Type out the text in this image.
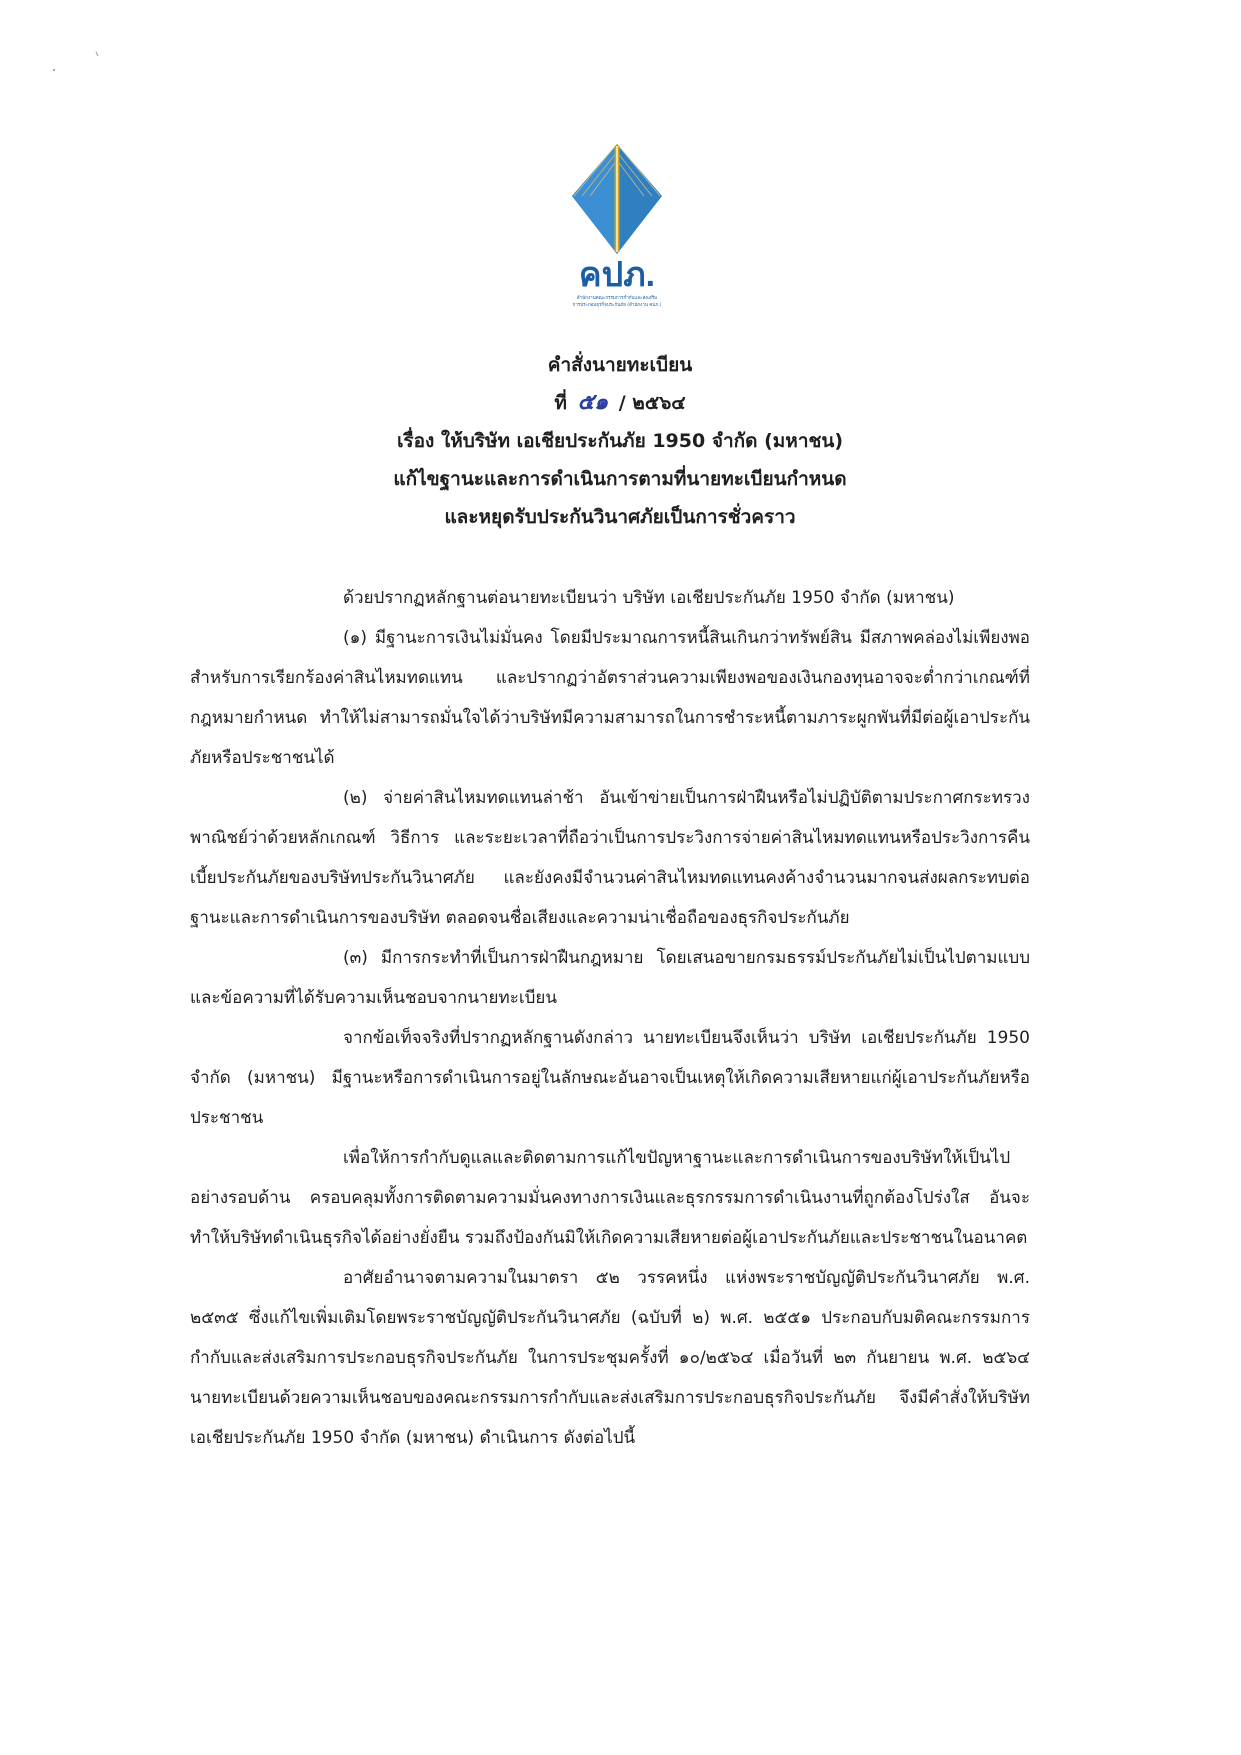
คปภ.
สำนักงานคณะกรรมการกำกับและส่งเสริม
การประกอบธุรกิจประกันภัย (สำนักงาน คปภ.)
คำสั่งนายทะเบียน
ที่ ๕๑ / ๒๕๖๔
เรื่อง ให้บริษัท เอเชียประกันภัย 1950 จำกัด (มหาชน)
แก้ไขฐานะและการดำเนินการตามที่นายทะเบียนกำหนด
และหยุดรับประกันวินาศภัยเป็นการชั่วคราว

ด้วยปรากฏหลักฐานต่อนายทะเบียนว่า บริษัท เอเชียประกันภัย 1950 จำกัด (มหาชน)

(๑) มีฐานะการเงินไม่มั่นคง โดยมีประมาณการหนี้สินเกินกว่าทรัพย์สิน มีสภาพคล่องไม่เพียงพอสำหรับการเรียกร้องค่าสินไหมทดแทน และปรากฏว่าอัตราส่วนความเพียงพอของเงินกองทุนอาจจะต่ำกว่าเกณฑ์ที่กฎหมายกำหนด ทำให้ไม่สามารถมั่นใจได้ว่าบริษัทมีความสามารถในการชำระหนี้ตามภาระผูกพันที่มีต่อผู้เอาประกันภัยหรือประชาชนได้

(๒) จ่ายค่าสินไหมทดแทนล่าช้า อันเข้าข่ายเป็นการฝ่าฝืนหรือไม่ปฏิบัติตามประกาศกระทรวงพาณิชย์ว่าด้วยหลักเกณฑ์ วิธีการ และระยะเวลาที่ถือว่าเป็นการประวิงการจ่ายค่าสินไหมทดแทนหรือประวิงการคืนเบี้ยประกันภัยของบริษัทประกันวินาศภัย และยังคงมีจำนวนค่าสินไหมทดแทนคงค้างจำนวนมากจนส่งผลกระทบต่อฐานะและการดำเนินการของบริษัท ตลอดจนชื่อเสียงและความน่าเชื่อถือของธุรกิจประกันภัย

(๓) มีการกระทำที่เป็นการฝ่าฝืนกฎหมาย โดยเสนอขายกรมธรรม์ประกันภัยไม่เป็นไปตามแบบและข้อความที่ได้รับความเห็นชอบจากนายทะเบียน

จากข้อเท็จจริงที่ปรากฏหลักฐานดังกล่าว นายทะเบียนจึงเห็นว่า บริษัท เอเชียประกันภัย 1950 จำกัด (มหาชน) มีฐานะหรือการดำเนินการอยู่ในลักษณะอันอาจเป็นเหตุให้เกิดความเสียหายแก่ผู้เอาประกันภัยหรือประชาชน

เพื่อให้การกำกับดูแลและติดตามการแก้ไขปัญหาฐานะและการดำเนินการของบริษัทให้เป็นไปอย่างรอบด้าน ครอบคลุมทั้งการติดตามความมั่นคงทางการเงินและธุรกรรมการดำเนินงานที่ถูกต้องโปร่งใส อันจะทำให้บริษัทดำเนินธุรกิจได้อย่างยั่งยืน รวมถึงป้องกันมิให้เกิดความเสียหายต่อผู้เอาประกันภัยและประชาชนในอนาคต

อาศัยอำนาจตามความในมาตรา ๕๒ วรรคหนึ่ง แห่งพระราชบัญญัติประกันวินาศภัย พ.ศ. ๒๕๓๕ ซึ่งแก้ไขเพิ่มเติมโดยพระราชบัญญัติประกันวินาศภัย (ฉบับที่ ๒) พ.ศ. ๒๕๕๑ ประกอบกับมติคณะกรรมการกำกับและส่งเสริมการประกอบธุรกิจประกันภัย ในการประชุมครั้งที่ ๑๐/๒๕๖๔ เมื่อวันที่ ๒๓ กันยายน พ.ศ. ๒๕๖๔ นายทะเบียนด้วยความเห็นชอบของคณะกรรมการกำกับและส่งเสริมการประกอบธุรกิจประกันภัย จึงมีคำสั่งให้บริษัท เอเชียประกันภัย 1950 จำกัด (มหาชน) ดำเนินการ ดังต่อไปนี้
